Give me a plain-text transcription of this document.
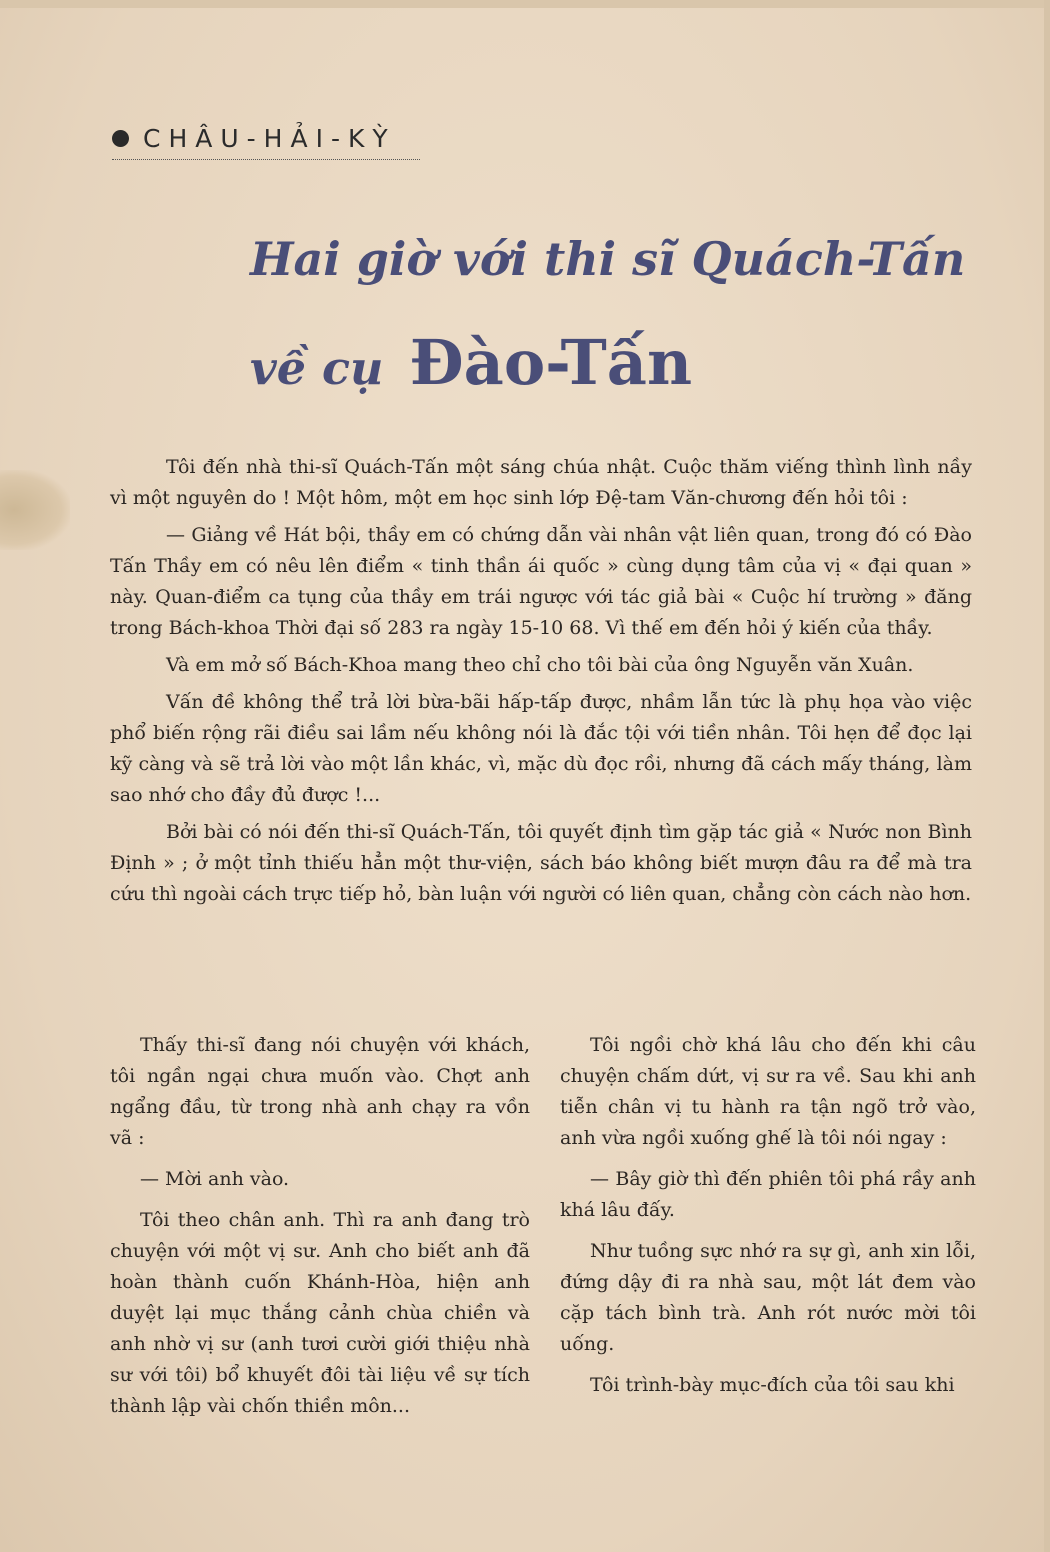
CHÂU-HẢI-KỲ
Hai giờ với thi sĩ Quách-Tấn
về cụ Đào-Tấn

Tôi đến nhà thi-sĩ Quách-Tấn một sáng chúa nhật. Cuộc thăm viếng thình lình nầy vì một nguyên do ! Một hôm, một em học sinh lớp Đệ-tam Văn-chương đến hỏi tôi :

— Giảng về Hát bội, thầy em có chứng dẫn vài nhân vật liên quan, trong đó có Đào Tấn Thầy em có nêu lên điểm « tinh thần ái quốc » cùng dụng tâm của vị « đại quan » này. Quan-điểm ca tụng của thầy em trái ngược với tác giả bài « Cuộc hí trường » đăng trong Bách-khoa Thời đại số 283 ra ngày 15-10 68. Vì thế em đến hỏi ý kiến của thầy.

Và em mở số Bách-Khoa mang theo chỉ cho tôi bài của ông Nguyễn văn Xuân.

Vấn đề không thể trả lời bừa-bãi hấp-tấp được, nhầm lẫn tức là phụ họa vào việc phổ biến rộng rãi điều sai lầm nếu không nói là đắc tội với tiền nhân. Tôi hẹn để đọc lại kỹ càng và sẽ trả lời vào một lần khác, vì, mặc dù đọc rồi, nhưng đã cách mấy tháng, làm sao nhớ cho đầy đủ được !...

Bởi bài có nói đến thi-sĩ Quách-Tấn, tôi quyết định tìm gặp tác giả « Nước non Bình Định » ; ở một tỉnh thiếu hẳn một thư-viện, sách báo không biết mượn đâu ra để mà tra cứu thì ngoài cách trực tiếp hỏ, bàn luận với người có liên quan, chẳng còn cách nào hơn.

Thấy thi-sĩ đang nói chuyện với khách, tôi ngần ngại chưa muốn vào. Chợt anh ngẩng đầu, từ trong nhà anh chạy ra vồn vã :

— Mời anh vào.

Tôi theo chân anh. Thì ra anh đang trò chuyện với một vị sư. Anh cho biết anh đã hoàn thành cuốn Khánh-Hòa, hiện anh duyệt lại mục thắng cảnh chùa chiền và anh nhờ vị sư (anh tươi cười giới thiệu nhà sư với tôi) bổ khuyết đôi tài liệu về sự tích thành lập vài chốn thiền môn...

Tôi ngồi chờ khá lâu cho đến khi câu chuyện chấm dứt, vị sư ra về. Sau khi anh tiễn chân vị tu hành ra tận ngõ trở vào, anh vừa ngồi xuống ghế là tôi nói ngay :

— Bây giờ thì đến phiên tôi phá rầy anh khá lâu đấy.

Như tuồng sực nhớ ra sự gì, anh xin lỗi, đứng dậy đi ra nhà sau, một lát đem vào cặp tách bình trà. Anh rót nước mời tôi uống.

Tôi trình-bày mục-đích của tôi sau khi
